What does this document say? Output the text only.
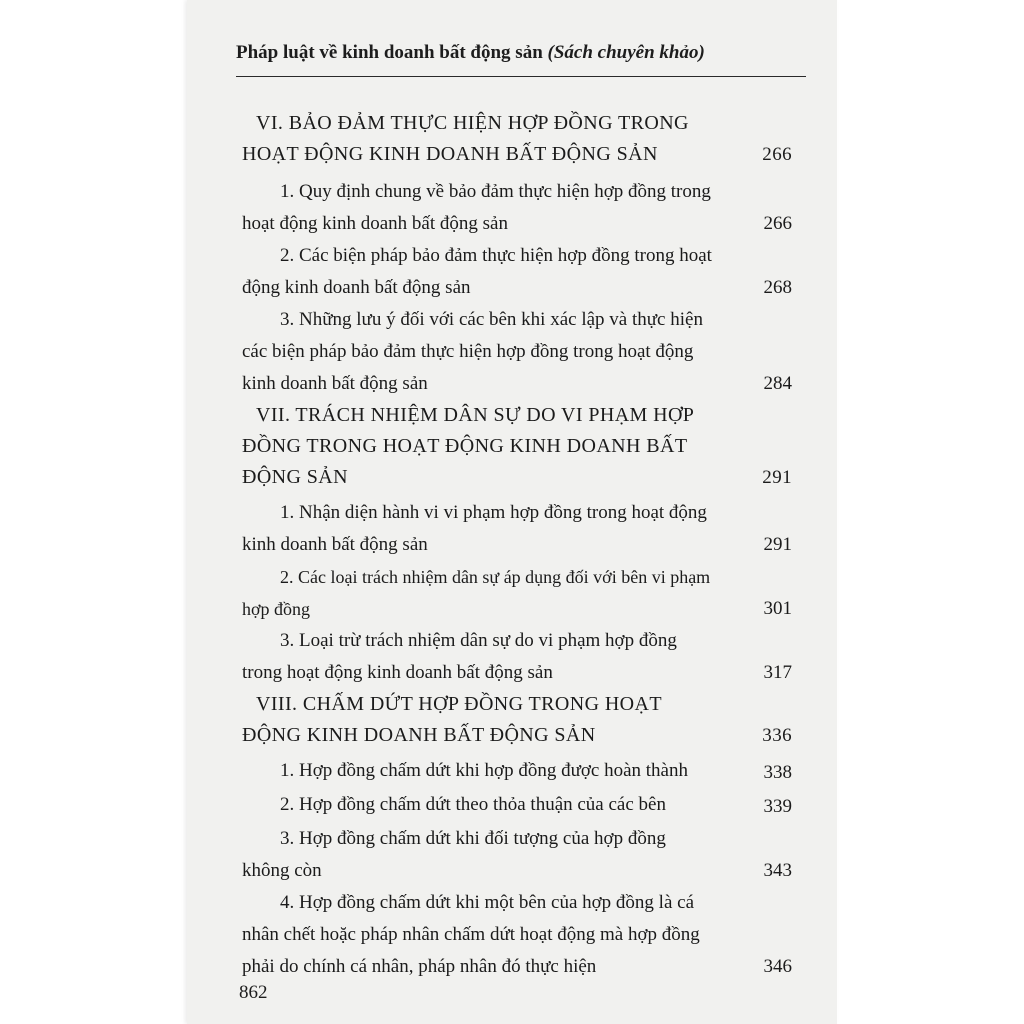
Pháp luật về kinh doanh bất động sản (Sách chuyên khảo)
VI. BẢO ĐẢM THỰC HIỆN HỢP ĐỒNG TRONG HOẠT ĐỘNG KINH DOANH BẤT ĐỘNG SẢN	266
1. Quy định chung về bảo đảm thực hiện hợp đồng trong hoạt động kinh doanh bất động sản	266
2. Các biện pháp bảo đảm thực hiện hợp đồng trong hoạt động kinh doanh bất động sản	268
3. Những lưu ý đối với các bên khi xác lập và thực hiện các biện pháp bảo đảm thực hiện hợp đồng trong hoạt động kinh doanh bất động sản	284
VII. TRÁCH NHIỆM DÂN SỰ DO VI PHẠM HỢP ĐỒNG TRONG HOẠT ĐỘNG KINH DOANH BẤT ĐỘNG SẢN	291
1. Nhận diện hành vi vi phạm hợp đồng trong hoạt động kinh doanh bất động sản	291
2. Các loại trách nhiệm dân sự áp dụng đối với bên vi phạm hợp đồng	301
3. Loại trừ trách nhiệm dân sự do vi phạm hợp đồng trong hoạt động kinh doanh bất động sản	317
VIII. CHẤM DỨT HỢP ĐỒNG TRONG HOẠT ĐỘNG KINH DOANH BẤT ĐỘNG SẢN	336
1. Hợp đồng chấm dứt khi hợp đồng được hoàn thành	338
2. Hợp đồng chấm dứt theo thỏa thuận của các bên	339
3. Hợp đồng chấm dứt khi đối tượng của hợp đồng không còn	343
4. Hợp đồng chấm dứt khi một bên của hợp đồng là cá nhân chết hoặc pháp nhân chấm dứt hoạt động mà hợp đồng phải do chính cá nhân, pháp nhân đó thực hiện	346
862
